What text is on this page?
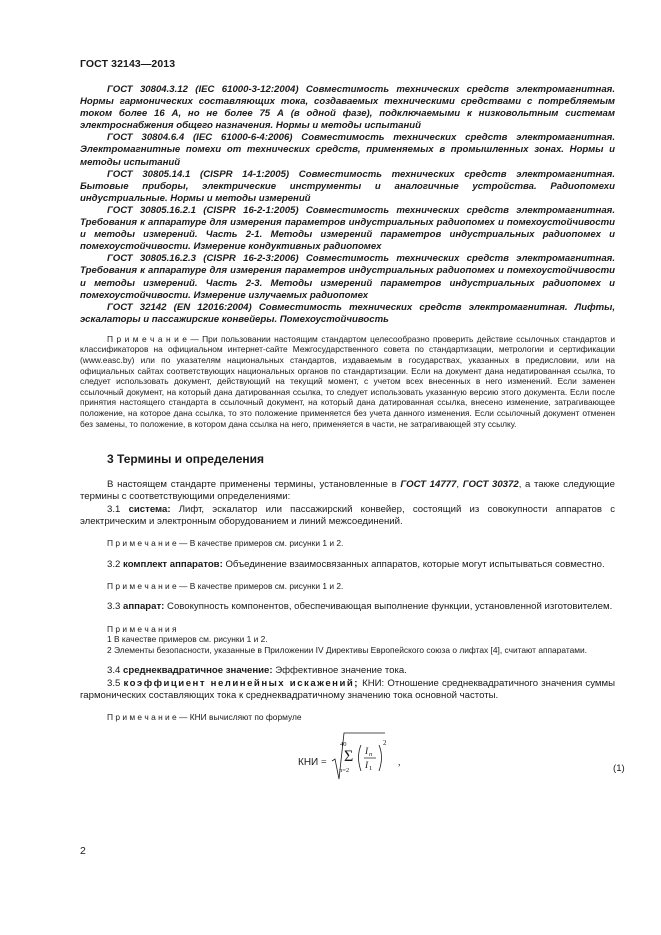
ГОСТ 32143—2013

ГОСТ 30804.3.12 (IEC 61000-3-12:2004) Совместимость технических средств электромагнитная. Нормы гармонических составляющих тока, создаваемых техническими средствами с потребляемым током более 16 А, но не более 75 А (в одной фазе), подключаемыми к низковольтным системам электроснабжения общего назначения. Нормы и методы испытаний

ГОСТ 30804.6.4 (IEC 61000-6-4:2006) Совместимость технических средств электромагнитная. Электромагнитные помехи от технических средств, применяемых в промышленных зонах. Нормы и методы испытаний

ГОСТ 30805.14.1 (CISPR 14-1:2005) Совместимость технических средств электромагнитная. Бытовые приборы, электрические инструменты и аналогичные устройства. Радиопомехи индустриальные. Нормы и методы измерений

ГОСТ 30805.16.2.1 (CISPR 16-2-1:2005) Совместимость технических средств электромагнитная. Требования к аппаратуре для измерения параметров индустриальных радиопомех и помехоустойчивости и методы измерений. Часть 2-1. Методы измерений параметров индустриальных радиопомех и помехоустойчивости. Измерение кондуктивных радиопомех

ГОСТ 30805.16.2.3 (CISPR 16-2-3:2006) Совместимость технических средств электромагнитная. Требования к аппаратуре для измерения параметров индустриальных радиопомех и помехоустойчивости и методы измерений. Часть 2-3. Методы измерений параметров индустриальных радиопомех и помехоустойчивости. Измерение излучаемых радиопомех

ГОСТ 32142 (EN 12016:2004) Совместимость технических средств электромагнитная. Лифты, эскалаторы и пассажирские конвейеры. Помехоустойчивость

П р и м е ч а н и е — При пользовании настоящим стандартом целесообразно проверить действие ссылочных стандартов и классификаторов на официальном интернет-сайте Межгосударственного совета по стандартизации, метрологии и сертификации (www.easc.by) или по указателям национальных стандартов, издаваемым в государствах, указанных в предисловии, или на официальных сайтах соответствующих национальных органов по стандартизации. Если на документ дана недатированная ссылка, то следует использовать документ, действующий на текущий момент, с учетом всех внесенных в него изменений. Если заменен ссылочный документ, на который дана датированная ссылка, то следует использовать указанную версию этого документа. Если после принятия настоящего стандарта в ссылочный документ, на который дана датированная ссылка, внесено изменение, затрагивающее положение, на которое дана ссылка, то это положение применяется без учета данного изменения. Если ссылочный документ отменен без замены, то положение, в котором дана ссылка на него, применяется в части, не затрагивающей эту ссылку.

3 Термины и определения

В настоящем стандарте применены термины, установленные в ГОСТ 14777, ГОСТ 30372, а также следующие термины с соответствующими определениями:

3.1 система: Лифт, эскалатор или пассажирский конвейер, состоящий из совокупности аппаратов с электрическим и электронным оборудованием и линий межсоединений.

П р и м е ч а н и е — В качестве примеров см. рисунки 1 и 2.

3.2 комплект аппаратов: Объединение взаимосвязанных аппаратов, которые могут испытываться совместно.

П р и м е ч а н и е — В качестве примеров см. рисунки 1 и 2.

3.3 аппарат: Совокупность компонентов, обеспечивающая выполнение функции, установленной изготовителем.

П р и м е ч а н и я

1 В качестве примеров см. рисунки 1 и 2.

2 Элементы безопасности, указанные в Приложении IV Директивы Европейского союза о лифтах [4], считают аппаратами.

3.4 среднеквадратичное значение: Эффективное значение тока.

3.5 коэффициент нелинейных искажений; КНИ: Отношение среднеквадратичного значения суммы гармонических составляющих тока к среднеквадратичному значению тока основной частоты.

П р и м е ч а н и е — КНИ вычисляют по формуле

КНИ =
40
Σ
n=2
I n
I 1
2
,
(1)
2
